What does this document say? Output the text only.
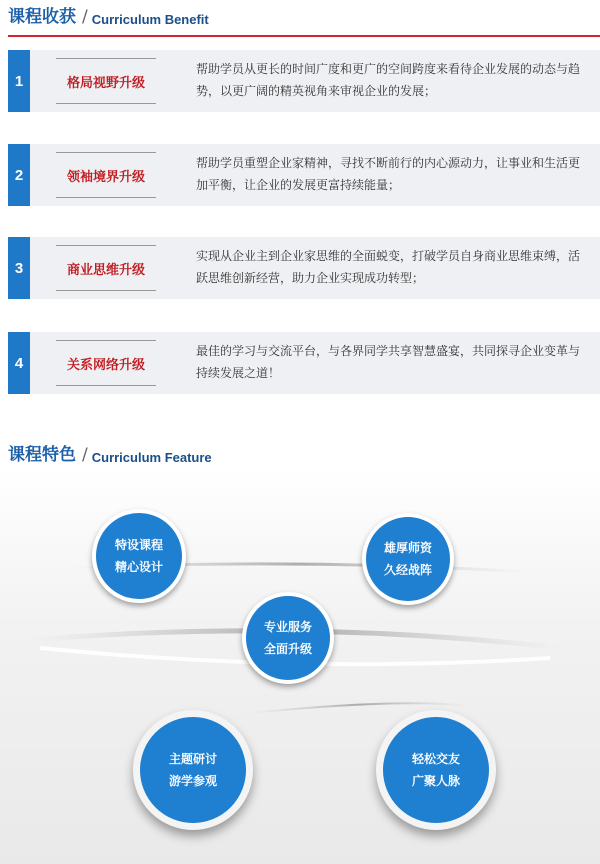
课程收获 / Curriculum Benefit
1	格局视野升级
帮助学员从更长的时间广度和更广的空间跨度来看待企业发展的动态与趋势，以更广阔的精英视角来审视企业的发展；
2	领袖境界升级
帮助学员重塑企业家精神，寻找不断前行的内心源动力，让事业和生活更加平衡，让企业的发展更富持续能量；
3	商业思维升级
实现从企业主到企业家思维的全面蜕变，打破学员自身商业思维束缚，活跃思维创新经营，助力企业实现成功转型；
4	关系网络升级
最佳的学习与交流平台，与各界同学共享智慧盛宴，共同探寻企业变革与持续发展之道！
课程特色 / Curriculum Feature
特设课程
精心设计
雄厚师资
久经战阵
专业服务
全面升级
主题研讨
游学参观
轻松交友
广聚人脉
